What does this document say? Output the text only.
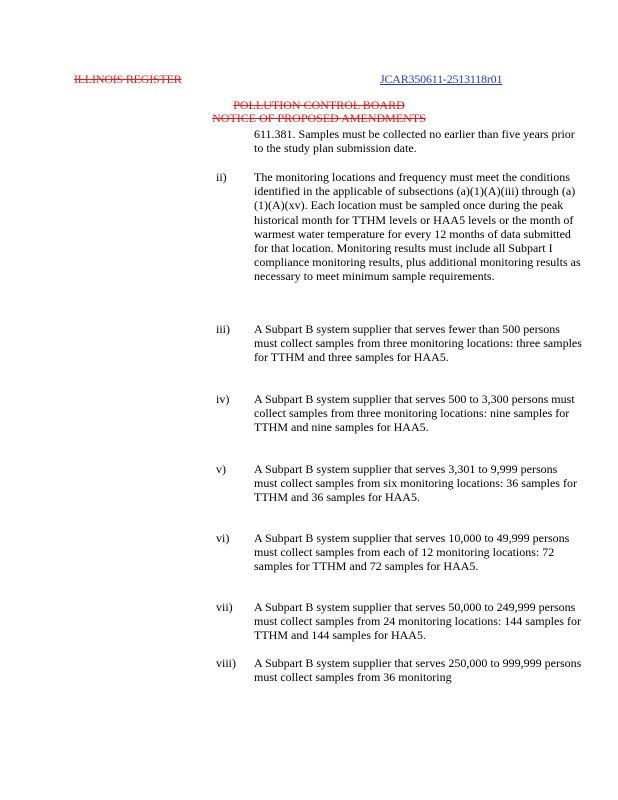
ILLINOIS REGISTER	JCAR350611-2513118r01
POLLUTION CONTROL BOARD
NOTICE OF PROPOSED AMENDMENTS
611.381. Samples must be collected no earlier than five years prior to the study plan submission date.
ii)	The monitoring locations and frequency must meet the conditions identified in the applicable of subsections (a)(1)(A)(iii) through (a)(1)(A)(xv). Each location must be sampled once during the peak historical month for TTHM levels or HAA5 levels or the month of warmest water temperature for every 12 months of data submitted for that location. Monitoring results must include all Subpart I compliance monitoring results, plus additional monitoring results as necessary to meet minimum sample requirements.
iii)	A Subpart B system supplier that serves fewer than 500 persons must collect samples from three monitoring locations: three samples for TTHM and three samples for HAA5.
iv)	A Subpart B system supplier that serves 500 to 3,300 persons must collect samples from three monitoring locations: nine samples for TTHM and nine samples for HAA5.
v)	A Subpart B system supplier that serves 3,301 to 9,999 persons must collect samples from six monitoring locations: 36 samples for TTHM and 36 samples for HAA5.
vi)	A Subpart B system supplier that serves 10,000 to 49,999 persons must collect samples from each of 12 monitoring locations: 72 samples for TTHM and 72 samples for HAA5.
vii)	A Subpart B system supplier that serves 50,000 to 249,999 persons must collect samples from 24 monitoring locations: 144 samples for TTHM and 144 samples for HAA5.
viii)	A Subpart B system supplier that serves 250,000 to 999,999 persons must collect samples from 36 monitoring
